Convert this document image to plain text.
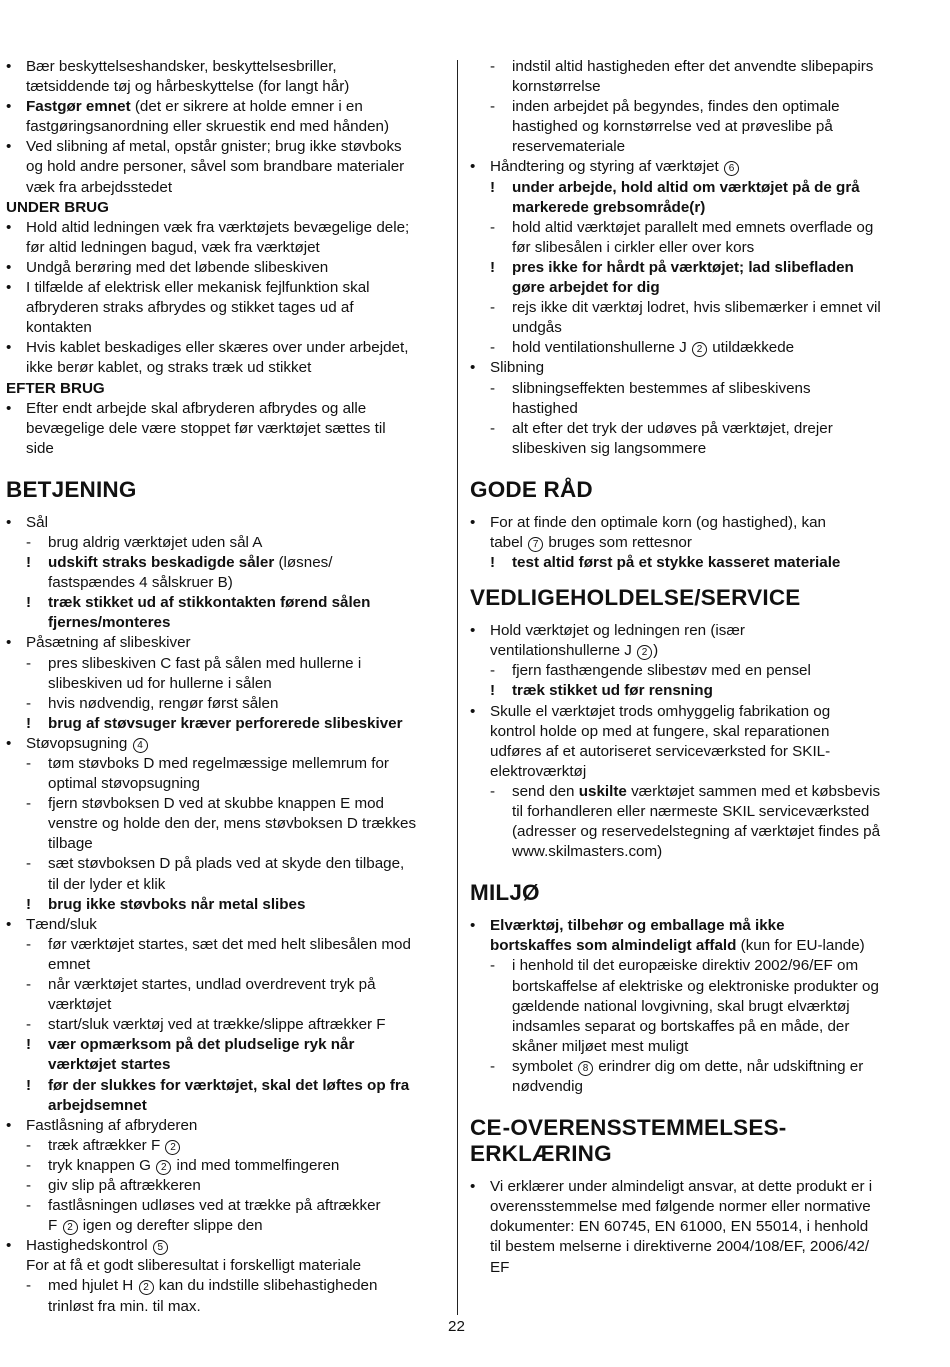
• Bær beskyttelseshandsker, beskyttelsesbriller,
tætsiddende tøj og hårbeskyttelse (for langt hår)
• Fastgør emnet (det er sikrere at holde emner i en
fastgøringsanordning eller skruestik end med hånden)
• Ved slibning af metal, opstår gnister; brug ikke støvboks
og hold andre personer, såvel som brandbare materialer
væk fra arbejdsstedet
UNDER BRUG
• Hold altid ledningen væk fra værktøjets bevægelige dele;
før altid ledningen bagud, væk fra værktøjet
• Undgå berøring med det løbende slibeskiven
• I tilfælde af elektrisk eller mekanisk fejlfunktion skal
afbryderen straks afbrydes og stikket tages ud af
kontakten
• Hvis kablet beskadiges eller skæres over under arbejdet,
ikke berør kablet, og straks træk ud stikket
EFTER BRUG
• Efter endt arbejde skal afbryderen afbrydes og alle
bevægelige dele være stoppet før værktøjet sættes til
side
BETJENING
• Sål
- brug aldrig værktøjet uden sål A
! udskift straks beskadigde såler (løsnes/
fastspændes 4 sålskruer B)
! træk stikket ud af stikkontakten førend sålen
fjernes/monteres
• Påsætning af slibeskiver
- pres slibeskiven C fast på sålen med hullerne i
slibeskiven ud for hullerne i sålen
- hvis nødvendig, rengør først sålen
! brug af støvsuger kræver perforerede slibeskiver
• Støvopsugning 4
- tøm støvboks D med regelmæssige mellemrum for
optimal støvopsugning
- fjern støvboksen D ved at skubbe knappen E mod
venstre og holde den der, mens støvboksen D trækkes
tilbage
- sæt støvboksen D på plads ved at skyde den tilbage,
til der lyder et klik
! brug ikke støvboks når metal slibes
• Tænd/sluk
- før værktøjet startes, sæt det med helt slibesålen mod
emnet
- når værktøjet startes, undlad overdrevent tryk på
værktøjet
- start/sluk værktøj ved at trække/slippe aftrækker F
! vær opmærksom på det pludselige ryk når
værktøjet startes
! før der slukkes for værktøjet, skal det løftes op fra
arbejdsemnet
• Fastlåsning af afbryderen
- træk aftrækker F 2
- tryk knappen G 2 ind med tommelfingeren
- giv slip på aftrækkeren
- fastlåsningen udløses ved at trække på aftrækker
F 2 igen og derefter slippe den
• Hastighedskontrol 5
For at få et godt sliberesultat i forskelligt materiale
- med hjulet H 2 kan du indstille slibehastigheden
trinløst fra min. til max.
- indstil altid hastigheden efter det anvendte slibepapirs
kornstørrelse
- inden arbejdet på begyndes, findes den optimale
hastighed og kornstørrelse ved at prøveslibe på
reservemateriale
• Håndtering og styring af værktøjet 6
! under arbejde, hold altid om værktøjet på de grå
markerede grebsområde(r)
- hold altid værktøjet parallelt med emnets overflade og
før slibesålen i cirkler eller over kors
! pres ikke for hårdt på værktøjet; lad slibefladen
gøre arbejdet for dig
- rejs ikke dit værktøj lodret, hvis slibemærker i emnet vil
undgås
- hold ventilationshullerne J 2 utildækkede
• Slibning
- slibningseffekten bestemmes af slibeskivens
hastighed
- alt efter det tryk der udøves på værktøjet, drejer
slibeskiven sig langsommere
GODE RÅD
• For at finde den optimale korn (og hastighed), kan
tabel 7 bruges som rettesnor
! test altid først på et stykke kasseret materiale
VEDLIGEHOLDELSE/SERVICE
• Hold værktøjet og ledningen ren (især
ventilationshullerne J 2 )
- fjern fasthængende slibestøv med en pensel
! træk stikket ud før rensning
• Skulle el værktøjet trods omhyggelig fabrikation og
kontrol holde op med at fungere, skal reparationen
udføres af et autoriseret serviceværksted for SKIL-
elektroværktøj
- send den uskilte værktøjet sammen med et købsbevis
til forhandleren eller nærmeste SKIL serviceværksted
(adresser og reservedelstegning af værktøjet findes på
www.skilmasters.com)
MILJØ
• Elværktøj, tilbehør og emballage må ikke
bortskaffes som almindeligt affald (kun for EU-lande)
- i henhold til det europæiske direktiv 2002/96/EF om
bortskaffelse af elektriske og elektroniske produkter og
gældende national lovgivning, skal brugt elværktøj
indsamles separat og bortskaffes på en måde, der
skåner miljøet mest muligt
- symbolet 8 erindrer dig om dette, når udskiftning er
nødvendig
CE-OVERENSSTEMMELSES-
ERKLÆRING
• Vi erklærer under almindeligt ansvar, at dette produkt er i
overensstemmelse med følgende normer eller normative
dokumenter: EN 60745, EN 61000, EN 55014, i henhold
til bestem melserne i direktiverne 2004/108/EF, 2006/42/
EF
22
